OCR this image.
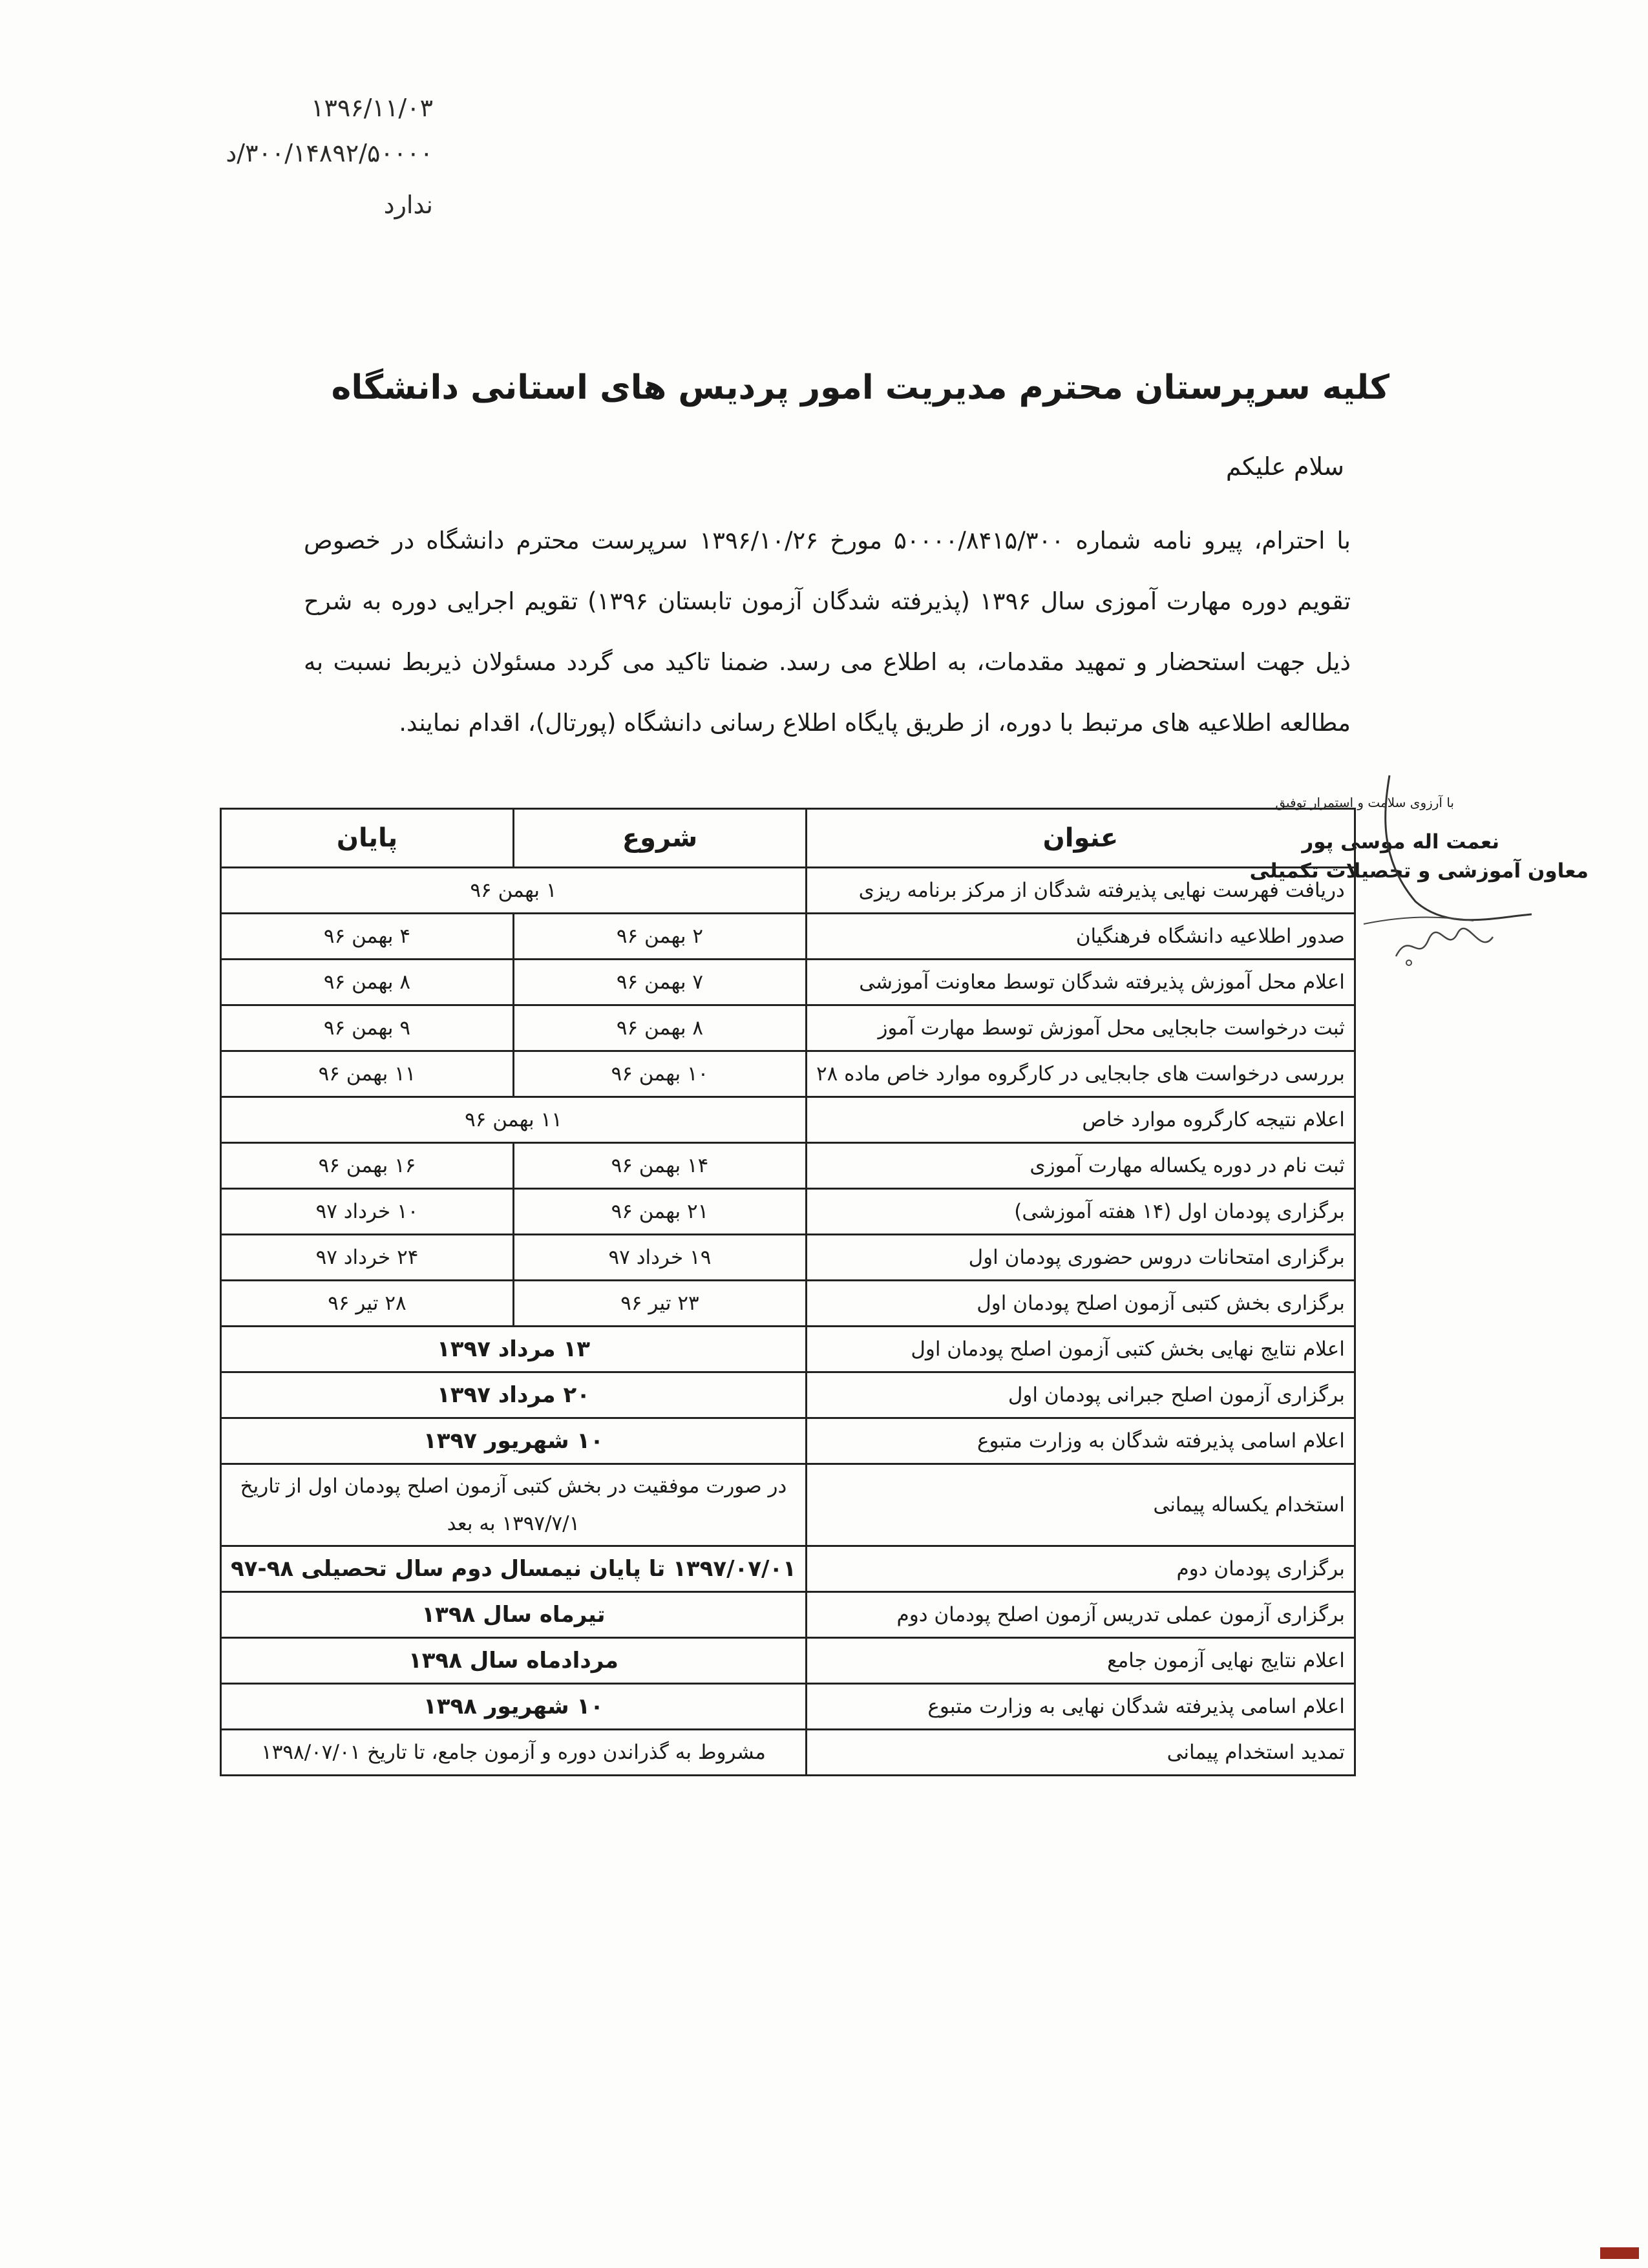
۱۳۹۶/۱۱/۰۳
۳۰۰/۱۴۸۹۲/۵۰۰۰۰/د
ندارد
کلیه سرپرستان محترم مدیریت امور پردیس های استانی دانشگاه
سلام علیکم
با احترام، پیرو نامه شماره ۵۰۰۰۰/۸۴۱۵/۳۰۰ مورخ ۱۳۹۶/۱۰/۲۶ سرپرست محترم دانشگاه در خصوص تقویم دوره مهارت آموزی سال ۱۳۹۶ (پذیرفته شدگان آزمون تابستان ۱۳۹۶) تقویم اجرایی دوره به شرح ذیل جهت استحضار و تمهید مقدمات، به اطلاع می رسد. ضمنا تاکید می گردد مسئولان ذیربط نسبت به مطالعه اطلاعیه های مرتبط با دوره، از طریق پایگاه اطلاع رسانی دانشگاه (پورتال)، اقدام نمایند.
با آرزوی سلامت و استمرار توفیق
نعمت اله موسی پور
معاون آموزشی و تحصیلات تکمیلی
عنوان	شروع	پایان
دریافت فهرست نهایی پذیرفته شدگان از مرکز برنامه ریزی	۱ بهمن ۹۶	
صدور اطلاعیه دانشگاه فرهنگیان	۲ بهمن ۹۶	۴ بهمن ۹۶
اعلام محل آموزش پذیرفته شدگان توسط معاونت آموزشی	۷ بهمن ۹۶	۸ بهمن ۹۶
ثبت درخواست جابجایی محل آموزش توسط مهارت آموز	۸ بهمن ۹۶	۹ بهمن ۹۶
بررسی درخواست های جابجایی در کارگروه موارد خاص ماده ۲۸	۱۰ بهمن ۹۶	۱۱ بهمن ۹۶
اعلام نتیجه کارگروه موارد خاص	۱۱ بهمن ۹۶	
ثبت نام در دوره یکساله مهارت آموزی	۱۴ بهمن ۹۶	۱۶ بهمن ۹۶
برگزاری پودمان اول (۱۴ هفته آموزشی)	۲۱ بهمن ۹۶	۱۰ خرداد ۹۷
برگزاری امتحانات دروس حضوری پودمان اول	۱۹ خرداد ۹۷	۲۴ خرداد ۹۷
برگزاری بخش کتبی آزمون اصلح پودمان اول	۲۳ تیر ۹۶	۲۸ تیر ۹۶
اعلام نتایج نهایی بخش کتبی آزمون اصلح پودمان اول	۱۳ مرداد ۱۳۹۷	
برگزاری آزمون اصلح جبرانی پودمان اول	۲۰ مرداد ۱۳۹۷	
اعلام اسامی پذیرفته شدگان به وزارت متبوع	۱۰ شهریور ۱۳۹۷	
استخدام یکساله پیمانی	در صورت موفقیت در بخش کتبی آزمون اصلح پودمان اول از تاریخ ۱۳۹۷/۷/۱ به بعد	
برگزاری پودمان دوم	۱۳۹۷/۰۷/۰۱ تا پایان نیمسال دوم سال تحصیلی ۹۸-۹۷	
برگزاری آزمون عملی تدریس آزمون اصلح پودمان دوم	تیرماه سال ۱۳۹۸	
اعلام نتایج نهایی آزمون جامع	مردادماه سال ۱۳۹۸	
اعلام اسامی پذیرفته شدگان نهایی به وزارت متبوع	۱۰ شهریور ۱۳۹۸	
تمدید استخدام پیمانی	مشروط به گذراندن دوره و آزمون جامع، تا تاریخ ۱۳۹۸/۰۷/۰۱	
